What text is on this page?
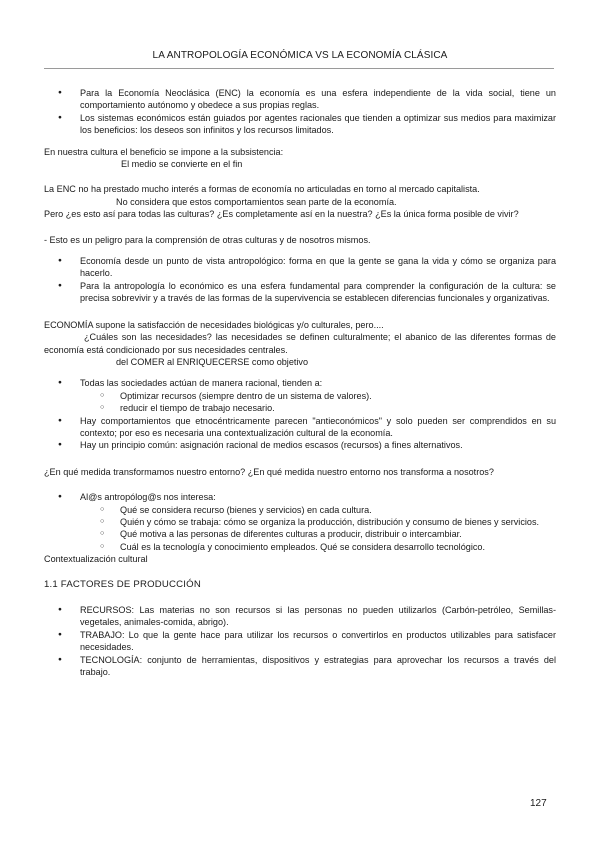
LA ANTROPOLOGÍA ECONÓMICA VS LA ECONOMÍA CLÁSICA
● Para la Economía Neoclásica (ENC) la economía es una esfera independiente de la vida social, tiene un comportamiento autónomo y obedece a sus propias reglas.
● Los sistemas económicos están guiados por agentes racionales que tienden a optimizar sus medios para maximizar los beneficios: los deseos son infinitos y los recursos limitados.

En nuestra cultura el beneficio se impone a la subsistencia:

El medio se convierte en el fin

La ENC no ha prestado mucho interés a formas de economía no articuladas en torno al mercado capitalista.

No considera que estos comportamientos sean parte de la economía.

Pero ¿es esto así para todas las culturas? ¿Es completamente así en la nuestra? ¿Es la única forma posible de vivir?

- Esto es un peligro para la comprensión de otras culturas y de nosotros mismos.

● Economía desde un punto de vista antropológico: forma en que la gente se gana la vida y cómo se organiza para hacerlo.
● Para la antropología lo económico es una esfera fundamental para comprender la configuración de la cultura: se precisa sobrevivir y a través de las formas de la supervivencia se establecen diferencias funcionales y organizativas.

ECONOMÍA supone la satisfacción de necesidades biológicas y/o culturales, pero....

¿Cuáles son las necesidades? las necesidades se definen culturalmente; el abanico de las diferentes formas de economía está condicionado por sus necesidades centrales.

del COMER al ENRIQUECERSE como objetivo

● Todas las sociedades actúan de manera racional, tienden a:
○ Optimizar recursos (siempre dentro de un sistema de valores).
○ reducir el tiempo de trabajo necesario.
● Hay comportamientos que etnocéntricamente parecen "antieconómicos" y solo pueden ser comprendidos en su contexto; por eso es necesaria una contextualización cultural de la economía.
● Hay un principio común: asignación racional de medios escasos (recursos) a fines alternativos.

¿En qué medida transformamos nuestro entorno? ¿En qué medida nuestro entorno nos transforma a nosotros?

● Al@s antropólog@s nos interesa:
○ Qué se considera recurso (bienes y servicios) en cada cultura.
○ Quién y cómo se trabaja: cómo se organiza la producción, distribución y consumo de bienes y servicios.
○ Qué motiva a las personas de diferentes culturas a producir, distribuir o intercambiar.
○ Cuál es la tecnología y conocimiento empleados. Qué se considera desarrollo tecnológico.

Contextualización cultural

1.1 FACTORES DE PRODUCCIÓN

● RECURSOS: Las materias no son recursos si las personas no pueden utilizarlos (Carbón-petróleo, Semillas-vegetales, animales-comida, abrigo).
● TRABAJO: Lo que la gente hace para utilizar los recursos o convertirlos en productos utilizables para satisfacer necesidades.
● TECNOLOGÍA: conjunto de herramientas, dispositivos y estrategias para aprovechar los recursos a través del trabajo.
127
